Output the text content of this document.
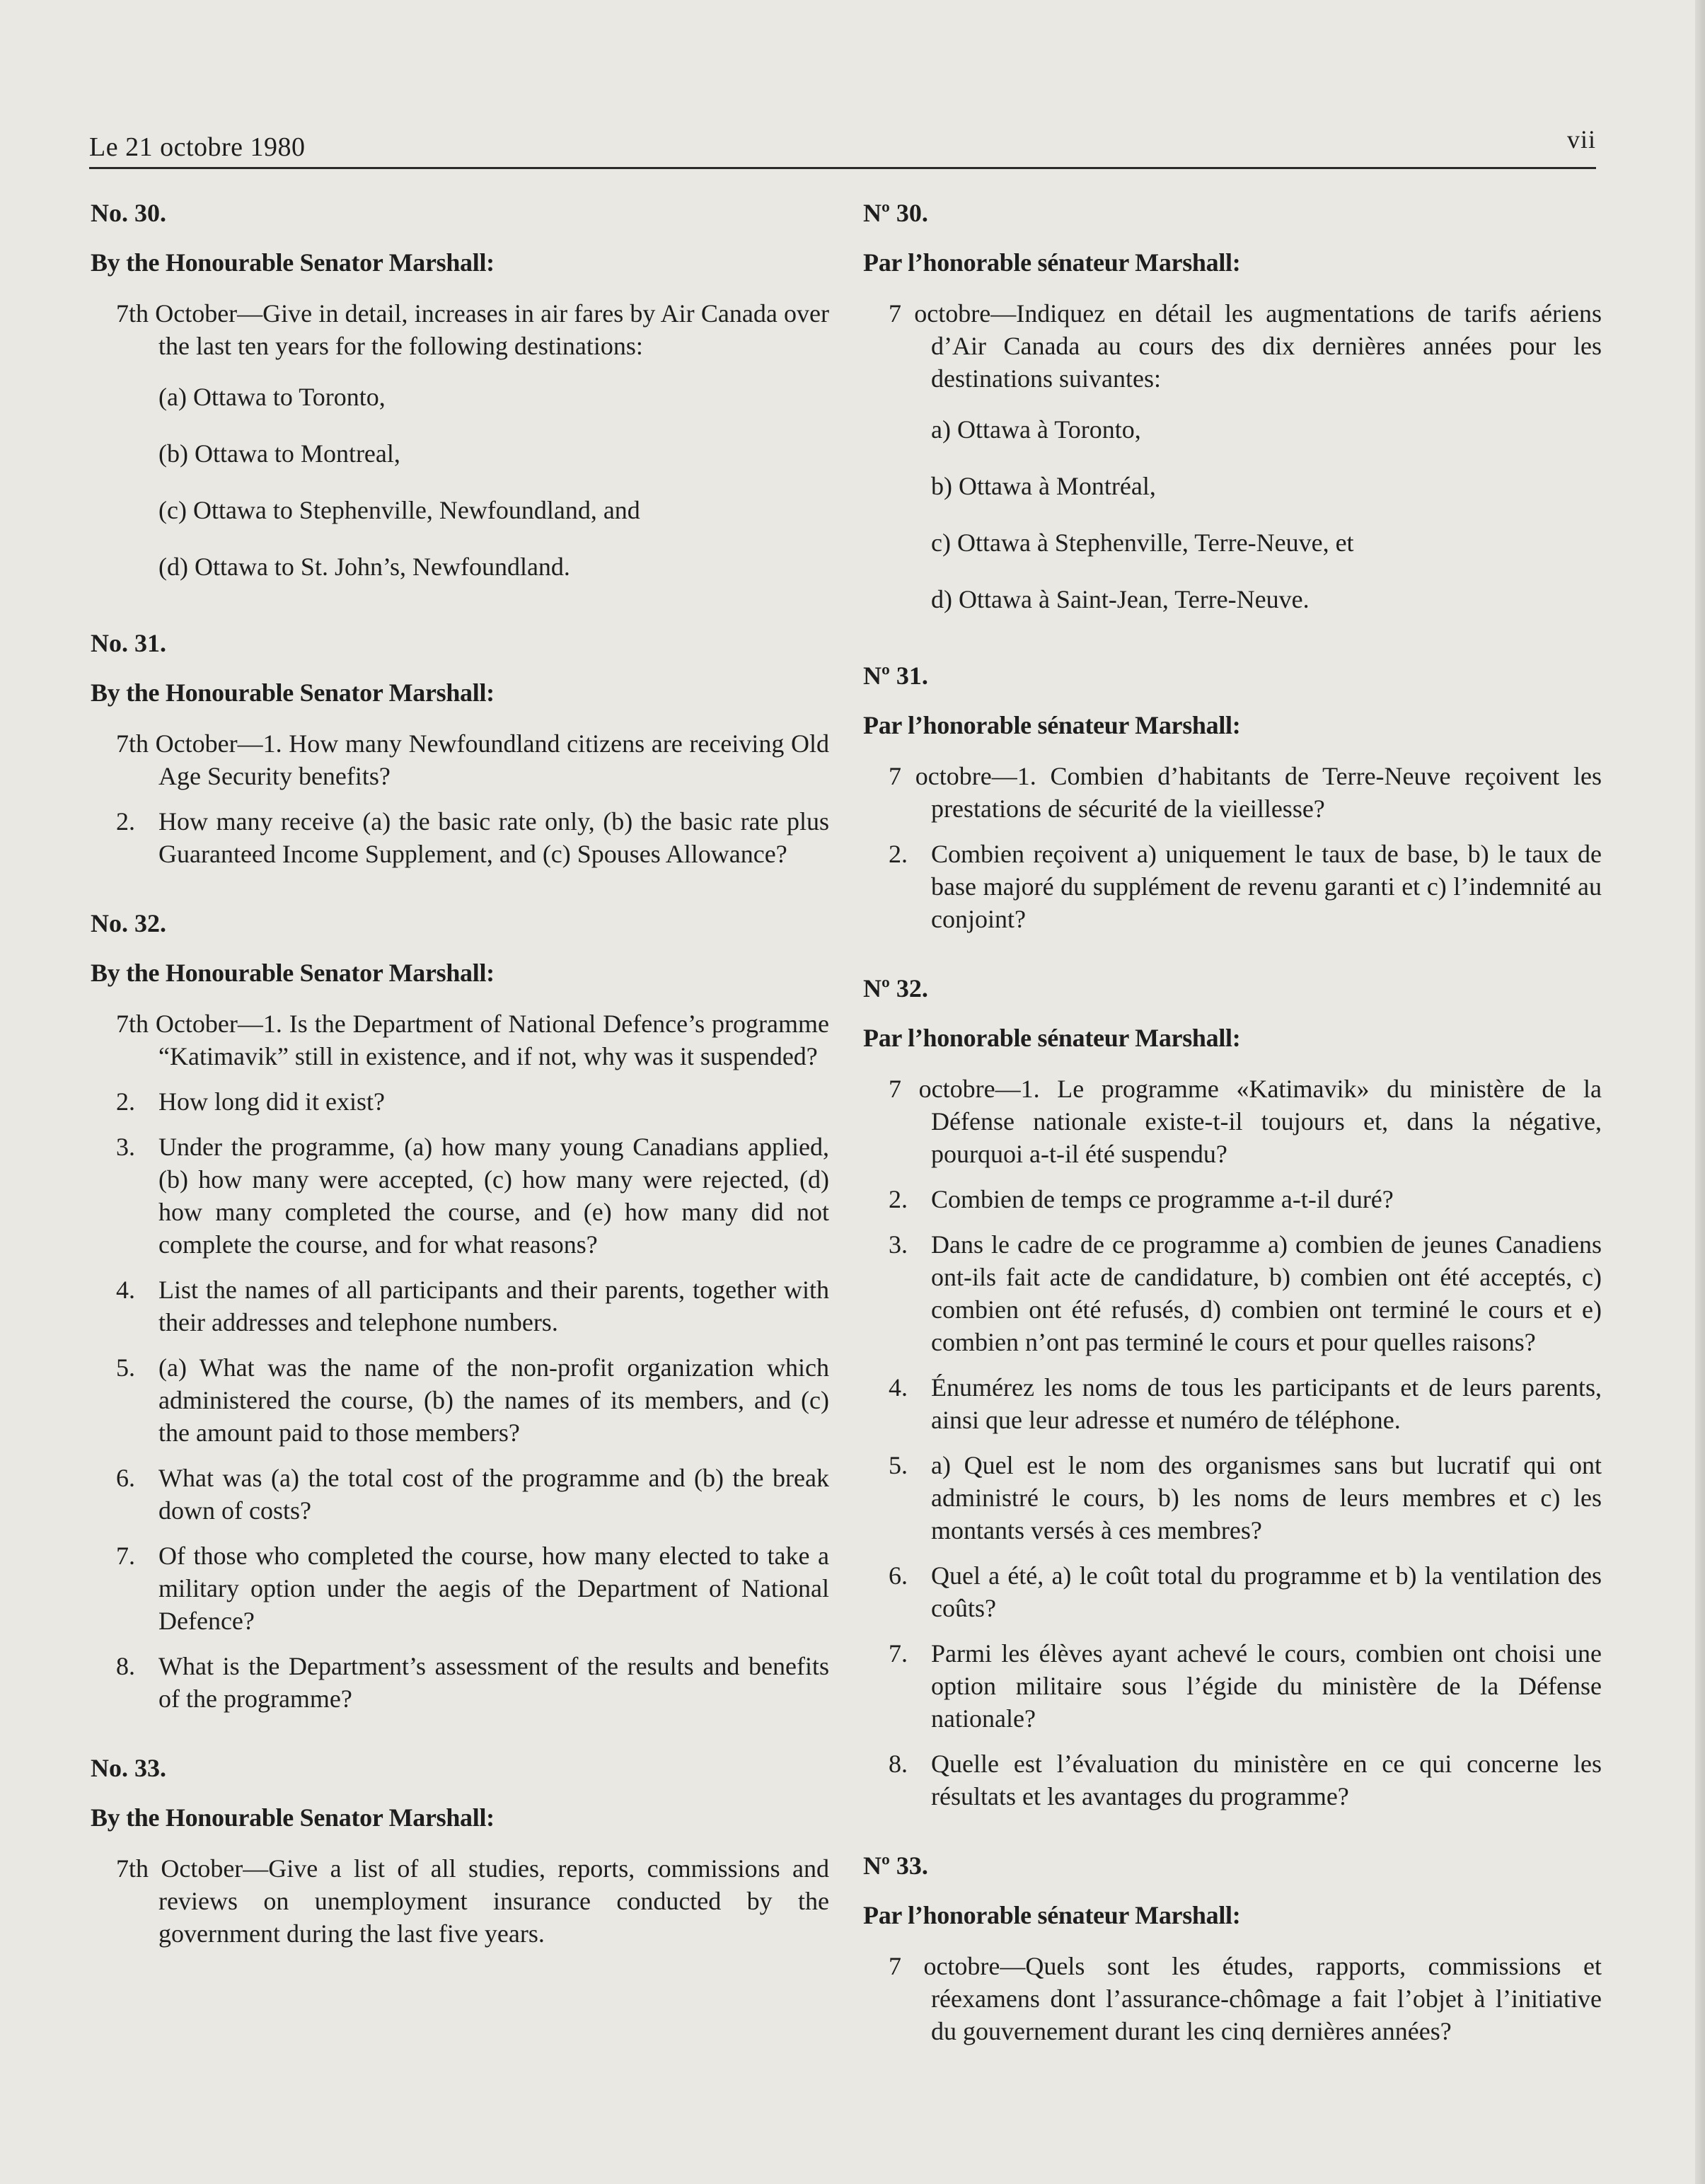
Le 21 octobre 1980	vii
No. 30.
By the Honourable Senator Marshall:
7th October—Give in detail, increases in air fares by Air Canada over the last ten years for the following destinations:
(a) Ottawa to Toronto,
(b) Ottawa to Montreal,
(c) Ottawa to Stephenville, Newfoundland, and
(d) Ottawa to St. John’s, Newfoundland.
No. 31.
By the Honourable Senator Marshall:
7th October—1. How many Newfoundland citizens are receiving Old Age Security benefits?
2. How many receive (a) the basic rate only, (b) the basic rate plus Guaranteed Income Supplement, and (c) Spouses Allowance?
No. 32.
By the Honourable Senator Marshall:
7th October—1. Is the Department of National Defence’s programme “Katimavik” still in existence, and if not, why was it suspended?
2. How long did it exist?
3. Under the programme, (a) how many young Canadians applied, (b) how many were accepted, (c) how many were rejected, (d) how many completed the course, and (e) how many did not complete the course, and for what reasons?
4. List the names of all participants and their parents, together with their addresses and telephone numbers.
5. (a) What was the name of the non-profit organization which administered the course, (b) the names of its members, and (c) the amount paid to those members?
6. What was (a) the total cost of the programme and (b) the break down of costs?
7. Of those who completed the course, how many elected to take a military option under the aegis of the Department of National Defence?
8. What is the Department’s assessment of the results and benefits of the programme?
No. 33.
By the Honourable Senator Marshall:
7th October—Give a list of all studies, reports, commissions and reviews on unemployment insurance conducted by the government during the last five years.
Nº 30.
Par l’honorable sénateur Marshall:
7 octobre—Indiquez en détail les augmentations de tarifs aériens d’Air Canada au cours des dix dernières années pour les destinations suivantes:
a) Ottawa à Toronto,
b) Ottawa à Montréal,
c) Ottawa à Stephenville, Terre-Neuve, et
d) Ottawa à Saint-Jean, Terre-Neuve.
Nº 31.
Par l’honorable sénateur Marshall:
7 octobre—1. Combien d’habitants de Terre-Neuve reçoivent les prestations de sécurité de la vieillesse?
2. Combien reçoivent a) uniquement le taux de base, b) le taux de base majoré du supplément de revenu garanti et c) l’indemnité au conjoint?
Nº 32.
Par l’honorable sénateur Marshall:
7 octobre—1. Le programme «Katimavik» du ministère de la Défense nationale existe-t-il toujours et, dans la négative, pourquoi a-t-il été suspendu?
2. Combien de temps ce programme a-t-il duré?
3. Dans le cadre de ce programme a) combien de jeunes Canadiens ont-ils fait acte de candidature, b) combien ont été acceptés, c) combien ont été refusés, d) combien ont terminé le cours et e) combien n’ont pas terminé le cours et pour quelles raisons?
4. Énumérez les noms de tous les participants et de leurs parents, ainsi que leur adresse et numéro de téléphone.
5. a) Quel est le nom des organismes sans but lucratif qui ont administré le cours, b) les noms de leurs membres et c) les montants versés à ces membres?
6. Quel a été, a) le coût total du programme et b) la ventilation des coûts?
7. Parmi les élèves ayant achevé le cours, combien ont choisi une option militaire sous l’égide du ministère de la Défense nationale?
8. Quelle est l’évaluation du ministère en ce qui concerne les résultats et les avantages du programme?
Nº 33.
Par l’honorable sénateur Marshall:
7 octobre—Quels sont les études, rapports, commissions et réexamens dont l’assurance-chômage a fait l’objet à l’initiative du gouvernement durant les cinq dernières années?
